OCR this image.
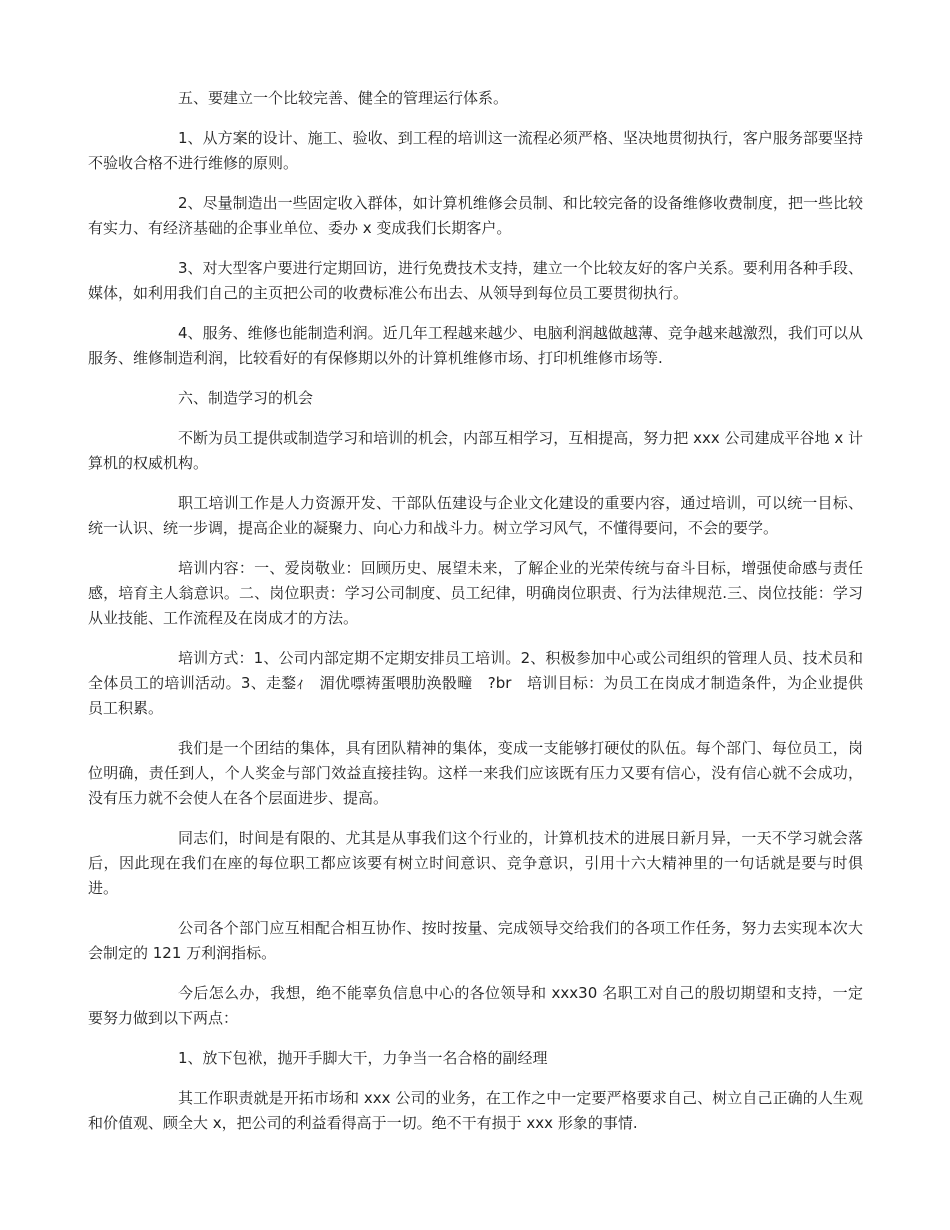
五、要建立一个比较完善、健全的管理运行体系。

1、从方案的设计、施工、验收、到工程的培训这一流程必须严格、坚决地贯彻执行，客户服务部要坚持不验收合格不进行维修的原则。

2、尽量制造出一些固定收入群体，如计算机维修会员制、和比较完备的设备维修收费制度，把一些比较有实力、有经济基础的企事业单位、委办 x 变成我们长期客户。

3、对大型客户要进行定期回访，进行免费技术支持，建立一个比较友好的客户关系。要利用各种手段、媒体，如利用我们自己的主页把公司的收费标准公布出去、从领导到每位员工要贯彻执行。

4、服务、维修也能制造利润。近几年工程越来越少、电脑利润越做越薄、竞争越来越激烈，我们可以从服务、维修制造利润，比较看好的有保修期以外的计算机维修市场、打印机维修市场等.

六、制造学习的机会

不断为员工提供或制造学习和培训的机会，内部互相学习，互相提高，努力把 xxx 公司建成平谷地 x 计算机的权威机构。

职工培训工作是人力资源开发、干部队伍建设与企业文化建设的重要内容，通过培训，可以统一目标、统一认识、统一步调，提高企业的凝聚力、向心力和战斗力。树立学习风气，不懂得要问，不会的要学。

培训内容：一、爱岗敬业：回顾历史、展望未来，了解企业的光荣传统与奋斗目标，增强使命感与责任感，培育主人翁意识。二、岗位职责：学习公司制度、员工纪律，明确岗位职责、行为法律规范.三、岗位技能：学习从业技能、工作流程及在岗成才的方法。

培训方式：1、公司内部定期不定期安排员工培训。2、积极参加中心或公司组织的管理人员、技术员和全体员工的培训活动。3、走鍪ｨ　湄优嘌祷蛋喂肋涣骰疃　?br　培训目标：为员工在岗成才制造条件，为企业提供员工积累。

我们是一个团结的集体，具有团队精神的集体，变成一支能够打硬仗的队伍。每个部门、每位员工，岗位明确，责任到人，个人奖金与部门效益直接挂钩。这样一来我们应该既有压力又要有信心，没有信心就不会成功，没有压力就不会使人在各个层面进步、提高。

同志们，时间是有限的、尤其是从事我们这个行业的，计算机技术的进展日新月异，一天不学习就会落后，因此现在我们在座的每位职工都应该要有树立时间意识、竞争意识，引用十六大精神里的一句话就是要与时俱进。

公司各个部门应互相配合相互协作、按时按量、完成领导交给我们的各项工作任务，努力去实现本次大会制定的 121 万利润指标。

今后怎么办，我想，绝不能辜负信息中心的各位领导和 xxx30 名职工对自己的殷切期望和支持，一定要努力做到以下两点：

1、放下包袱，抛开手脚大干，力争当一名合格的副经理

其工作职责就是开拓市场和 xxx 公司的业务，在工作之中一定要严格要求自己、树立自己正确的人生观和价值观、顾全大 x，把公司的利益看得高于一切。绝不干有损于 xxx 形象的事情.
